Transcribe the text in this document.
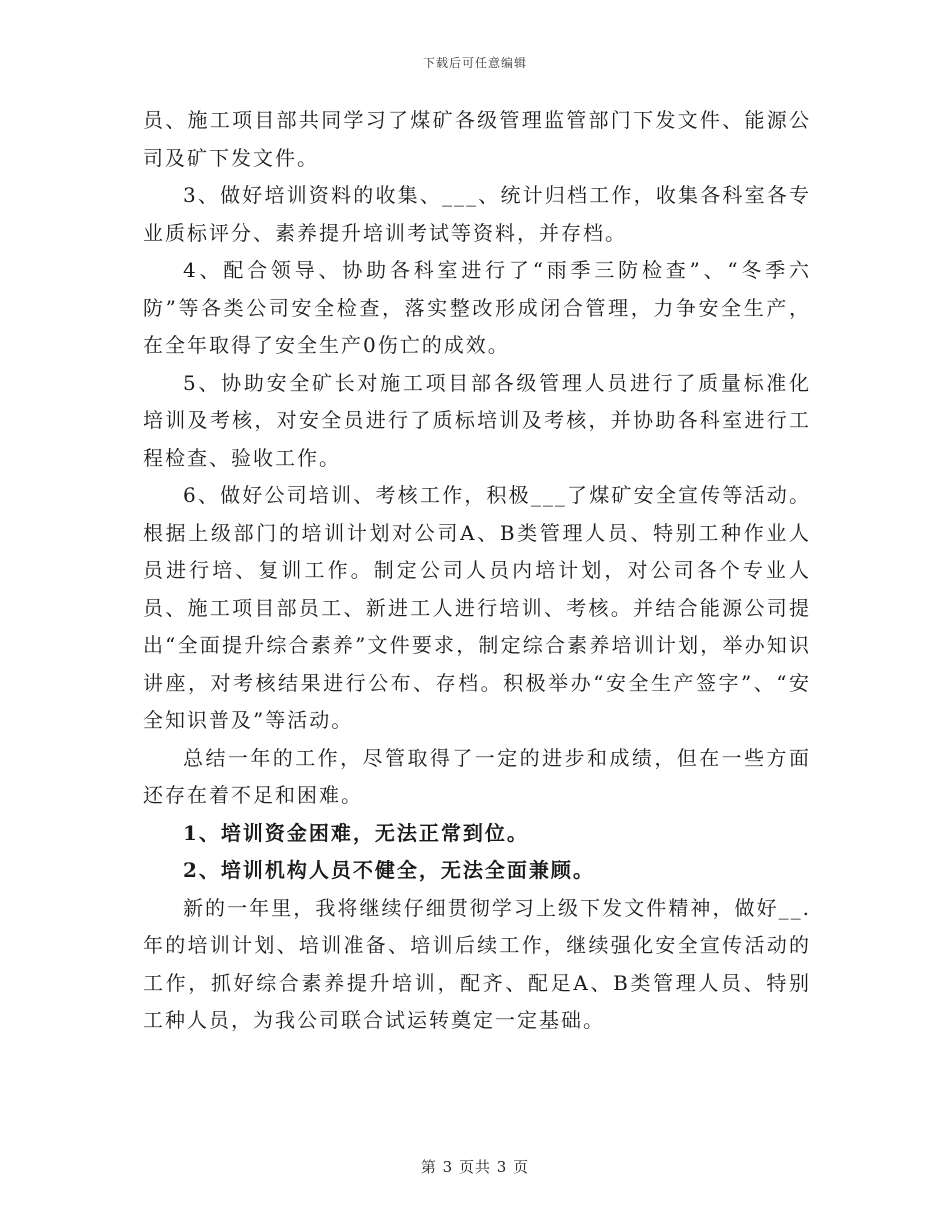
下载后可任意编辑

员、施工项目部共同学习了煤矿各级管理监管部门下发文件、能源公司及矿下发文件。

3、做好培训资料的收集、___、统计归档工作，收集各科室各专业质标评分、素养提升培训考试等资料，并存档。

4、配合领导、协助各科室进行了“雨季三防检查”、“冬季六防”等各类公司安全检查，落实整改形成闭合管理，力争安全生产，在全年取得了安全生产0伤亡的成效。

5、协助安全矿长对施工项目部各级管理人员进行了质量标准化培训及考核，对安全员进行了质标培训及考核，并协助各科室进行工程检查、验收工作。

6、做好公司培训、考核工作，积极___了煤矿安全宣传等活动。根据上级部门的培训计划对公司A、B类管理人员、特别工种作业人员进行培、复训工作。制定公司人员内培计划，对公司各个专业人员、施工项目部员工、新进工人进行培训、考核。并结合能源公司提出“全面提升综合素养”文件要求，制定综合素养培训计划，举办知识讲座，对考核结果进行公布、存档。积极举办“安全生产签字”、“安全知识普及”等活动。

总结一年的工作，尽管取得了一定的进步和成绩，但在一些方面还存在着不足和困难。

1、培训资金困难，无法正常到位。

2、培训机构人员不健全，无法全面兼顾。

新的一年里，我将继续仔细贯彻学习上级下发文件精神，做好__.年的培训计划、培训准备、培训后续工作，继续强化安全宣传活动的工作，抓好综合素养提升培训，配齐、配足A、B类管理人员、特别工种人员，为我公司联合试运转奠定一定基础。

第 3 页共 3 页
